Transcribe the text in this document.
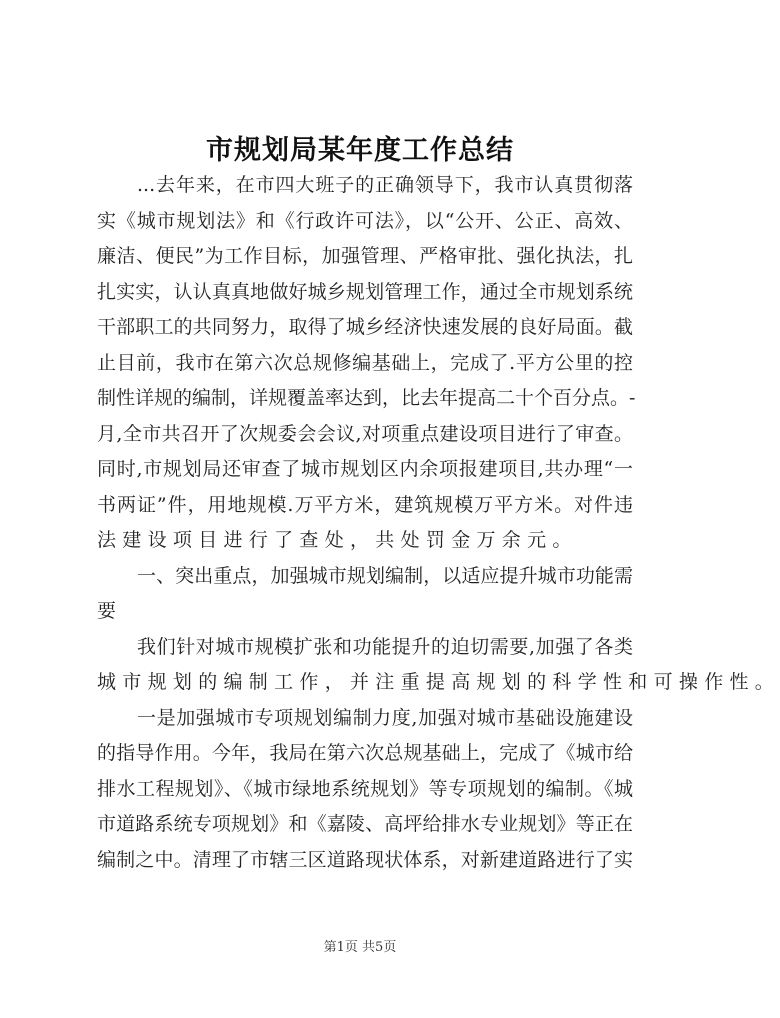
市规划局某年度工作总结
...去年来，在市四大班子的正确领导下，我市认真贯彻落
实《城市规划法》和《行政许可法》，以“公开、公正、高效、
廉洁、便民”为工作目标，加强管理、严格审批、强化执法，扎
扎实实，认认真真地做好城乡规划管理工作，通过全市规划系统
干部职工的共同努力，取得了城乡经济快速发展的良好局面。截
止目前，我市在第六次总规修编基础上，完成了.平方公里的控
制性详规的编制，详规覆盖率达到，比去年提高二十个百分点。-
月,全市共召开了次规委会会议,对项重点建设项目进行了审查。
同时,市规划局还审查了城市规划区内余项报建项目,共办理“一
书两证”件，用地规模.万平方米，建筑规模万平方米。对件违
法建设项目进行了查处，共处罚金万余元。
一、突出重点，加强城市规划编制，以适应提升城市功能需
要
我们针对城市规模扩张和功能提升的迫切需要,加强了各类
城市规划的编制工作，并注重提高规划的科学性和可操作性。
一是加强城市专项规划编制力度,加强对城市基础设施建设
的指导作用。今年，我局在第六次总规基础上，完成了《城市给
排水工程规划》、《城市绿地系统规划》等专项规划的编制。《城
市道路系统专项规划》和《嘉陵、高坪给排水专业规划》等正在
编制之中。清理了市辖三区道路现状体系，对新建道路进行了实
第1页 共5页
